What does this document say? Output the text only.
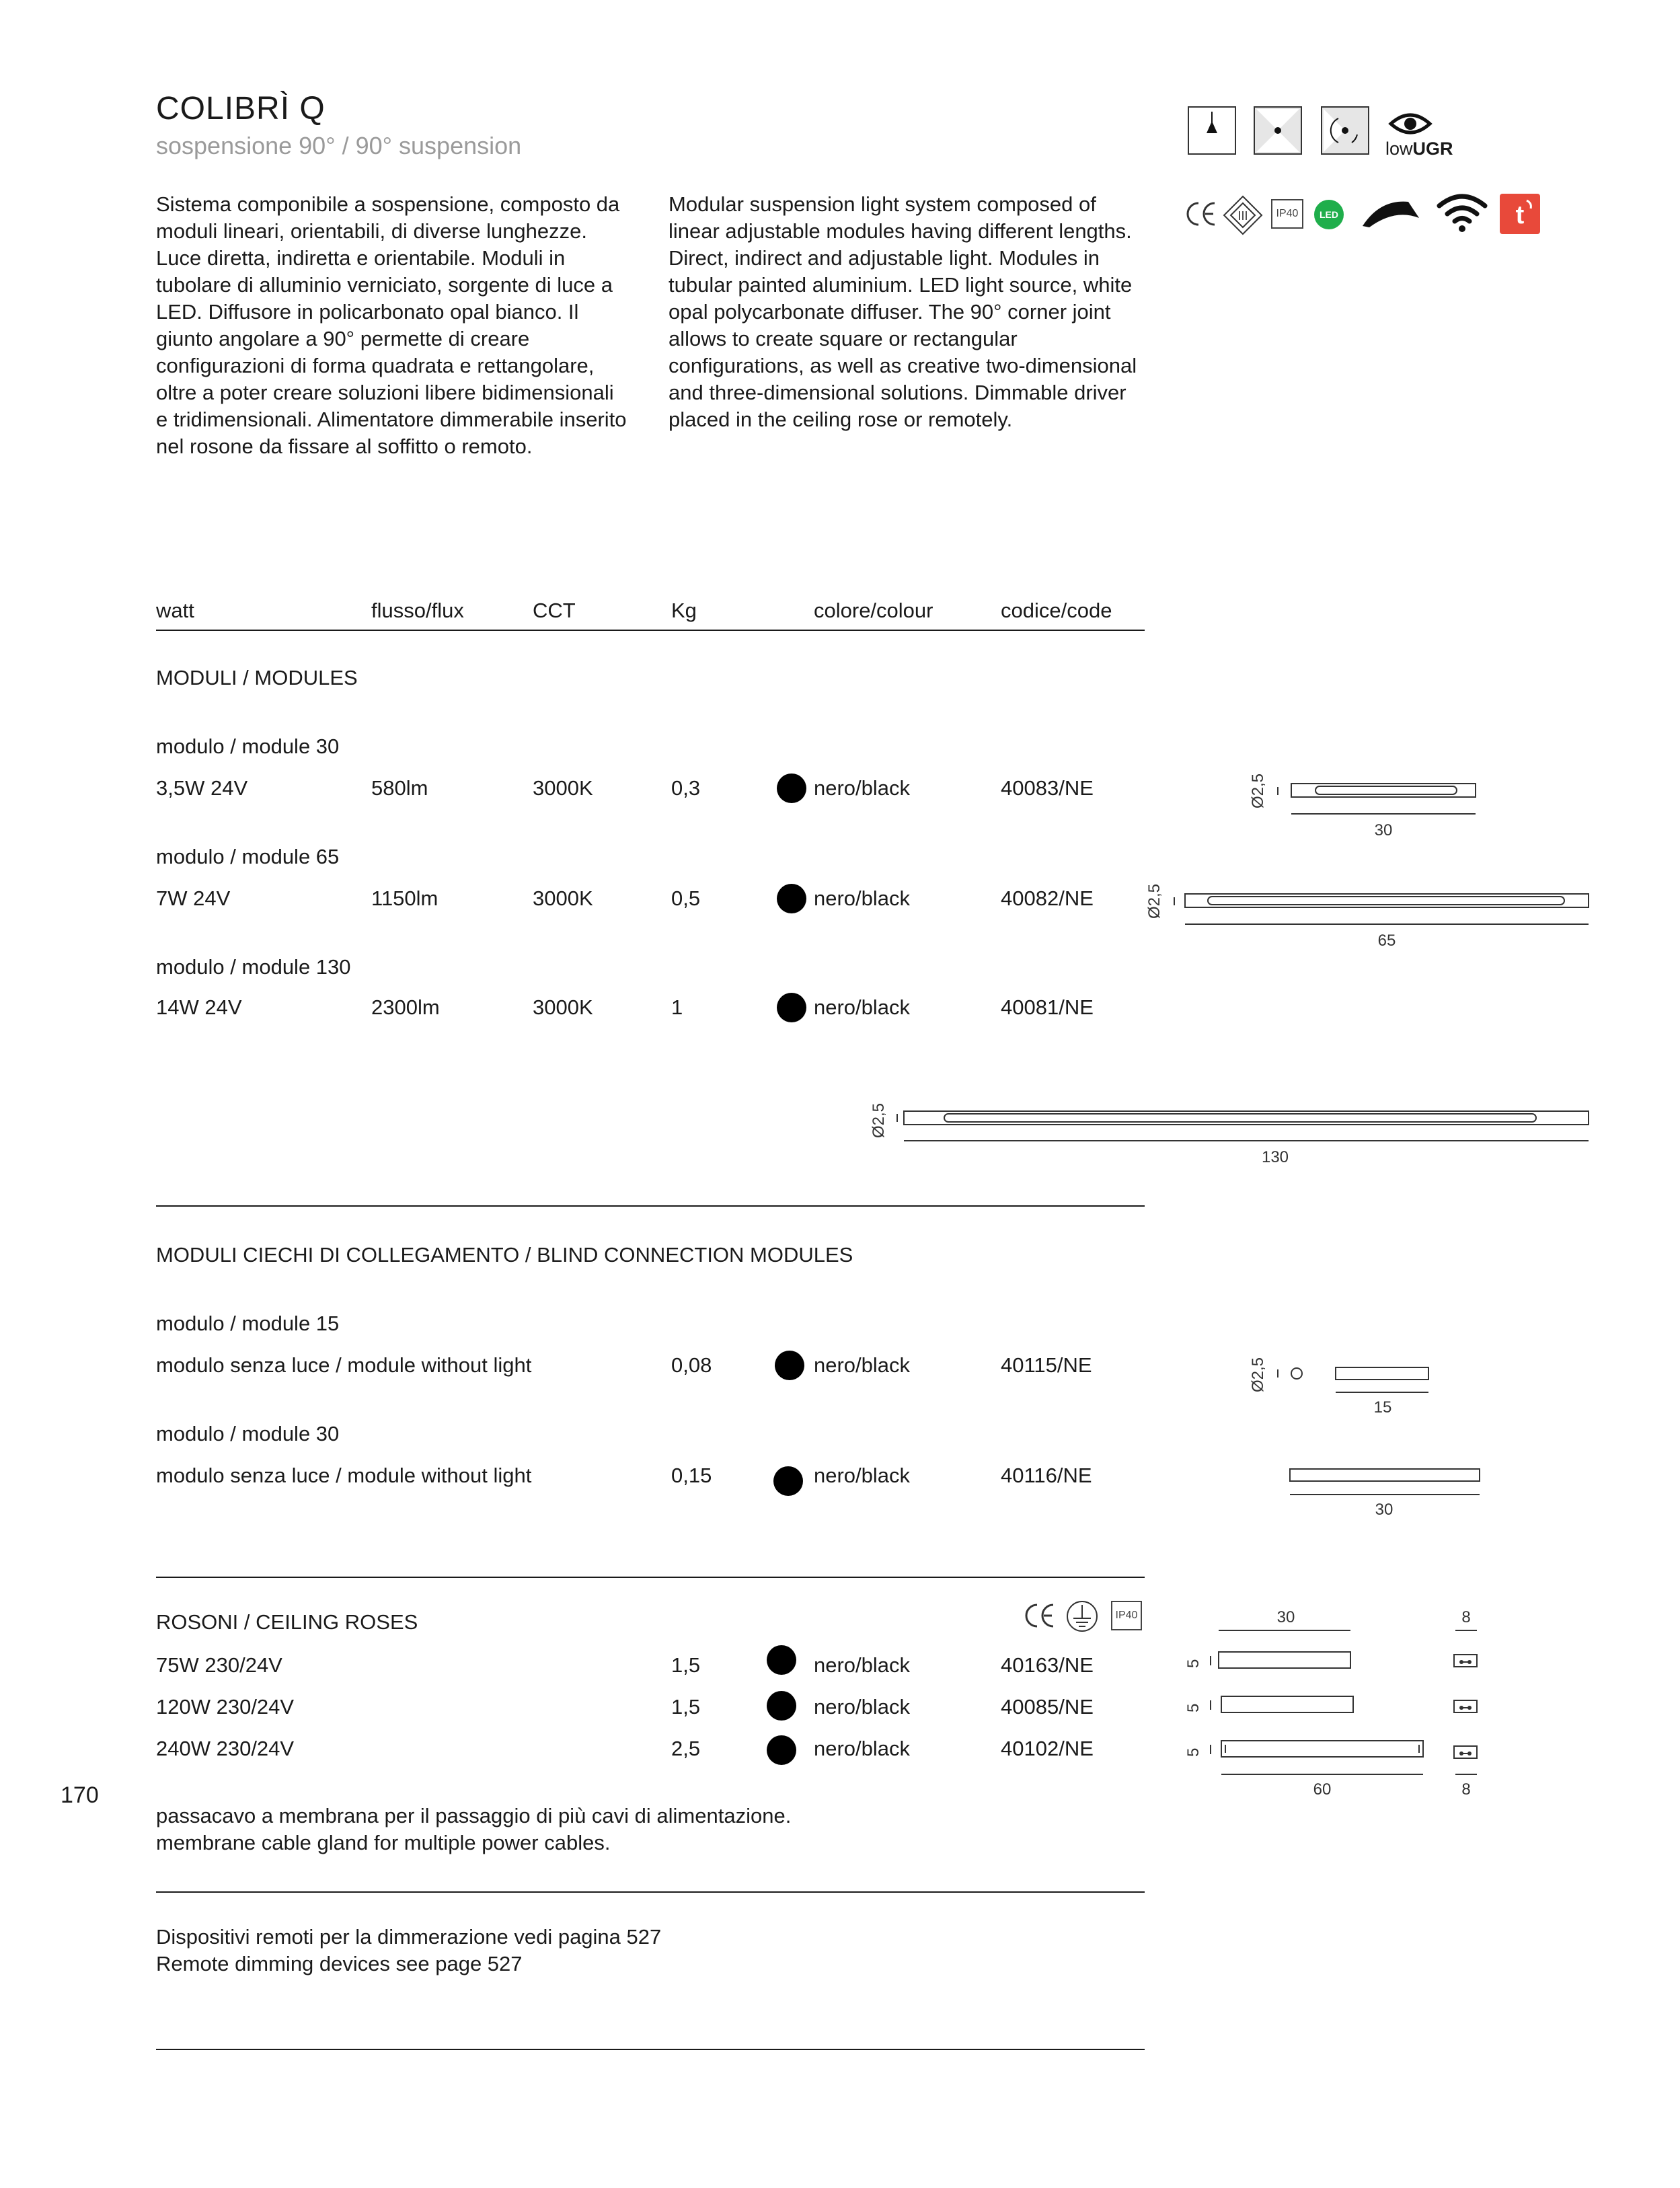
COLIBRÌ Q
sospensione 90° / 90° suspension	lowUGR
III	IP40	LED	t
Sistema componibile a sospensione, composto da moduli lineari, orientabili, di diverse lunghezze. Luce diretta, indiretta e orientabile. Moduli in tubolare di alluminio verniciato, sorgente di luce a LED. Diffusore in policarbonato opal bianco. Il giunto angolare a 90° permette di creare configurazioni di forma quadrata e rettangolare, oltre a poter creare soluzioni libere bidimensionali e tridimensionali. Alimentatore dimmerabile inserito nel rosone da fissare al soffitto o remoto.
Modular suspension light system composed of linear adjustable modules having different lengths. Direct, indirect and adjustable light. Modules in tubular painted aluminium. LED light source, white opal polycarbonate diffuser. The 90° corner joint allows to create square or rectangular configurations, as well as creative two-dimensional and three-dimensional solutions. Dimmable driver placed in the ceiling rose or remotely.
watt	flusso/flux	CCT	Kg	colore/colour	codice/code
MODULI / MODULES
modulo / module 30
3,5W 24V	580lm	3000K	0,3	nero/black	40083/NE
modulo / module 65
7W 24V	1150lm	3000K	0,5	nero/black	40082/NE
modulo / module 130
14W 24V	2300lm	3000K	1	nero/black	40081/NE
Ø2,5
30
Ø2,5
65
Ø2,5
130
MODULI CIECHI DI COLLEGAMENTO / BLIND CONNECTION MODULES
modulo / module 15
modulo senza luce / module without light	0,08	nero/black	40115/NE
modulo / module 30
modulo senza luce / module without light	0,15	nero/black	40116/NE
Ø2,5
15
30
ROSONI / CEILING ROSES	IP40
75W 230/24V	1,5	nero/black	40163/NE
120W 230/24V	1,5	nero/black	40085/NE
240W 230/24V	2,5	nero/black	40102/NE
30	8
5
5
5
60	8
170
passacavo a membrana per il passaggio di più cavi di alimentazione.
membrane cable gland for multiple power cables.
Dispositivi remoti per la dimmerazione vedi pagina 527
Remote dimming devices see page 527
